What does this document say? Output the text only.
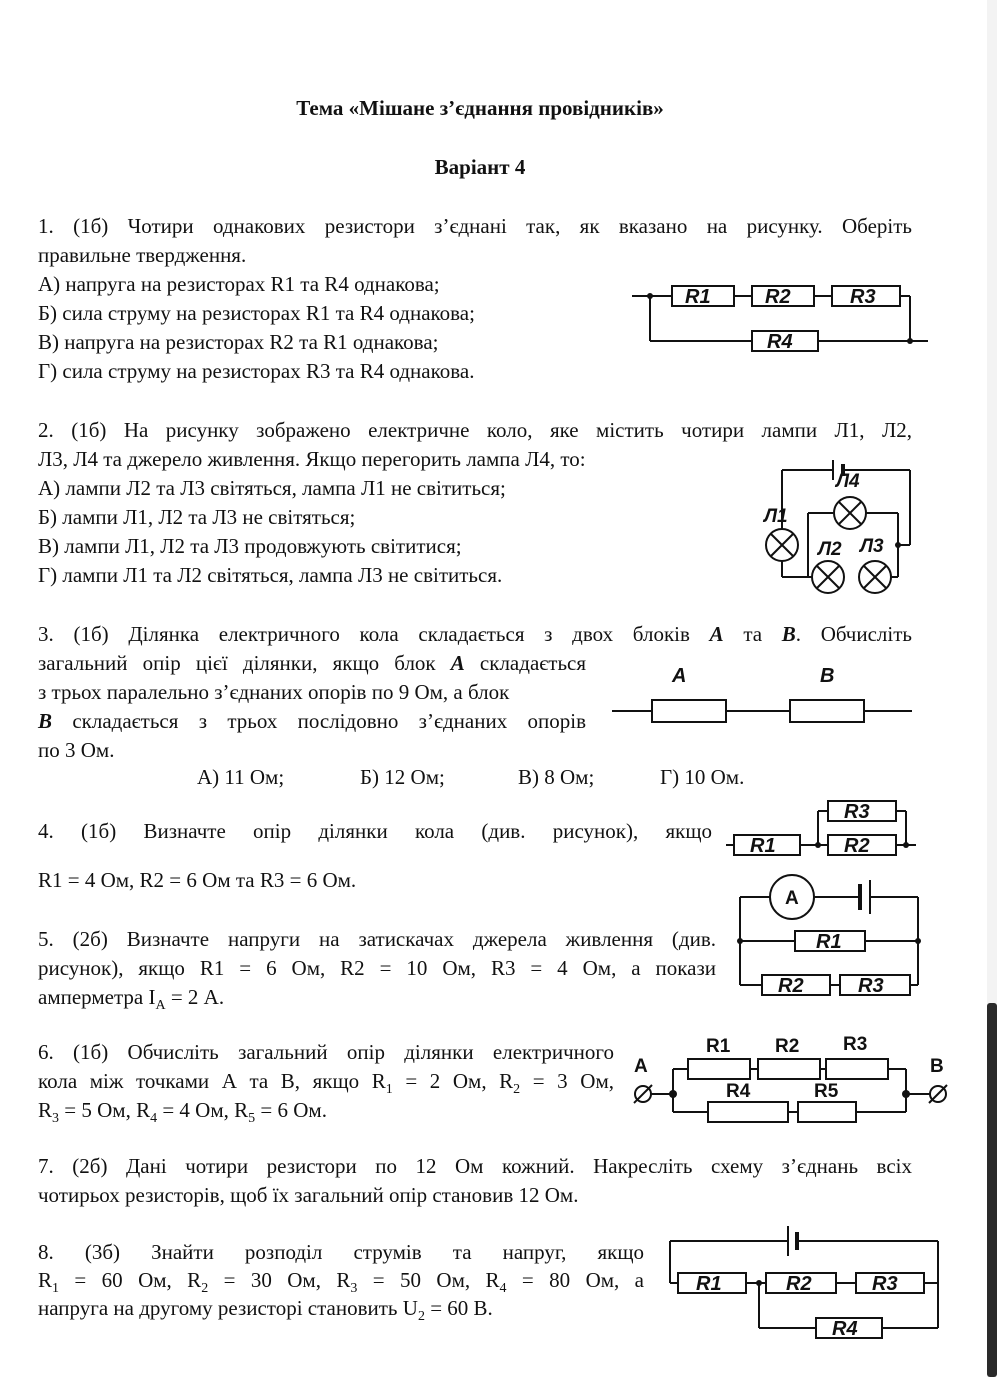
Тема «Мішане з’єднання провідників»
Варіант 4
1. (1б) Чотири однакових резистори з’єднані так, як вказано на рисунку. Оберіть
правильне твердження.
А) напруга на резисторах R1 та R4 однакова;
Б) сила струму на резисторах R1 та R4 однакова;
В) напруга на резисторах R2 та R1 однакова;
Г) сила струму на резисторах R3 та R4 однакова.
R1	R2	R3
R4
2. (1б) На рисунку зображено електричне коло, яке містить чотири лампи Л1, Л2,
Л3, Л4 та джерело живлення. Якщо перегорить лампа Л4, то:
А) лампи Л2 та Л3 світяться, лампа Л1 не світиться;
Б) лампи Л1, Л2 та Л3 не світяться;
В) лампи Л1, Л2 та Л3 продовжують світитися;
Г) лампи Л1 та Л2 світяться, лампа Л3 не світиться.
Л4
Л1
Л2 Л3
3. (1б) Ділянка електричного кола складається з двох блоків А та В. Обчисліть
загальний опір цієї ділянки, якщо блок А складається
з трьох паралельно з’єднаних опорів по 9 Ом, а блок
В складається з трьох послідовно з’єднаних опорів
по 3 Ом.
А) 11 Ом;	Б) 12 Ом;	В) 8 Ом;	Г) 10 Ом.
A	B
4. (1б) Визначте опір ділянки кола (див. рисунок), якщо
R1 = 4 Ом, R2 = 6 Ом та R3 = 6 Ом.
R1
R3
R2
5. (2б) Визначте напруги на затискачах джерела живлення (див.
рисунок), якщо R1 = 6 Ом, R2 = 10 Ом, R3 = 4 Ом, а покази
амперметра $I_А = 2$ А.
A
R1
R2	R3
6. (1б) Обчисліть загальний опір ділянки електричного
кола між точками А та В, якщо $R_1 = 2$ Ом, $R_2 = 3$ Ом,
$R_3 = 5$ Ом, $R_4 = 4$ Ом, $R_5 = 6$ Ом.
A	B
R1 R2 R3
R4	R5
7. (2б) Дані чотири резистори по 12 Ом кожний. Накресліть схему з’єднань всіх
чотирьох резисторів, щоб їх загальний опір становив 12 Ом.
8. (3б) Знайти розподіл струмів та напруг, якщо
$R_1 = 60$ Ом, $R_2 = 30$ Ом, $R_3 = 50$ Ом, $R_4 = 80$ Ом, а
напруга на другому резисторі становить $U_2 = 60$ В.
R1	R2	R3
R4
